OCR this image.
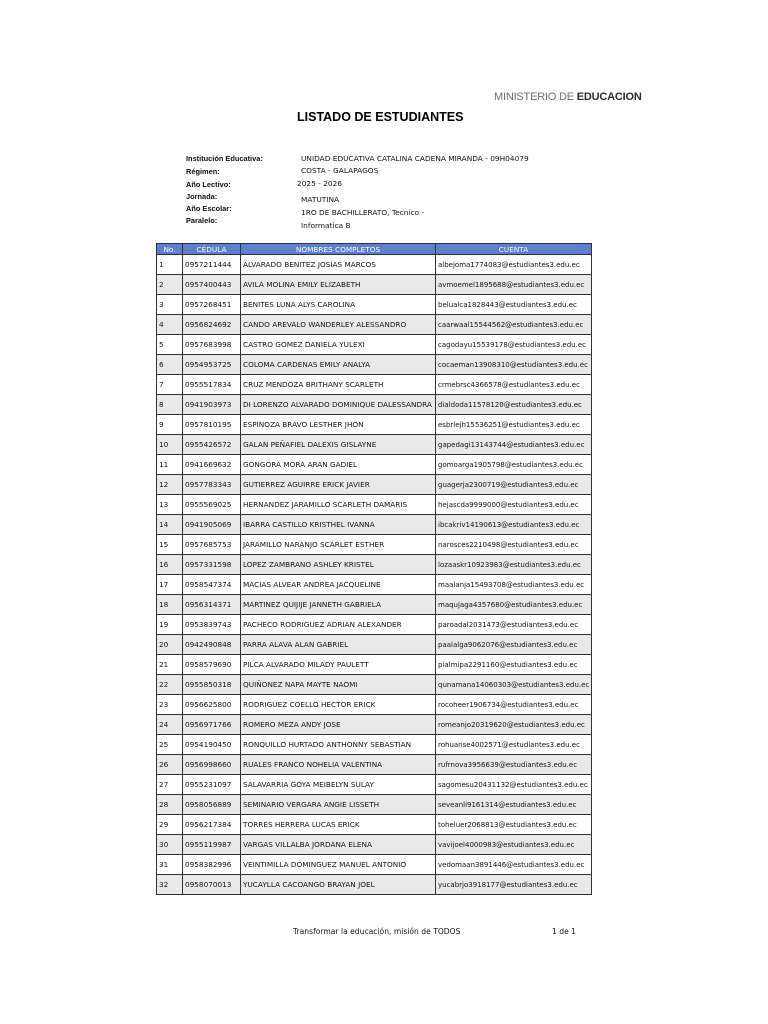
MINISTERIO DE EDUCACION
LISTADO DE ESTUDIANTES
Institución Educativa:	UNIDAD EDUCATIVA CATALINA CADENA MIRANDA - 09H04079
Régimen:	COSTA - GALAPAGOS
Año Lectivo:	2025 - 2026
Jornada:	MATUTINA
Año Escolar:	1RO DE BACHILLERATO, Tecnico -
Paralelo:
Informatica B
No.	CÉDULA	NOMBRES COMPLETOS	CUENTA
1	0957211444	ALVARADO BENITEZ JOSIAS MARCOS	albejoma1774083@estudiantes3.edu.ec
2	0957400443	AVILA MOLINA EMILY ELIZABETH	avmoemel1895688@estudiantes3.edu.ec
3	0957268451	BENITES LUNA ALYS CAROLINA	belualca1828443@estudiantes3.edu.ec
4	0956824692	CANDO AREVALO WANDERLEY ALESSANDRO	caarwaal15544562@estudiantes3.edu.ec
5	0957683998	CASTRO GOMEZ DANIELA YULEXI	cagodayu15539178@estudiantes3.edu.ec
6	0954953725	COLOMA CARDENAS EMILY ANALYA	cocaeman13908310@estudiantes3.edu.ec
7	0955517834	CRUZ MENDOZA BRITHANY SCARLETH	crmebrsc4366578@estudiantes3.edu.ec
8	0941903973	DI LORENZO ALVARADO DOMINIQUE DALESSANDRA	dialdoda11578120@estudiantes3.edu.ec
9	0957810195	ESPINOZA BRAVO LESTHER JHON	esbrlejh15536251@estudiantes3.edu.ec
10	0955426572	GALAN PEÑAFIEL DALEXIS GISLAYNE	gapedagi13143744@estudiantes3.edu.ec
11	0941669632	GONGORA MORA ARAN GADIEL	gomoarga1905798@estudiantes3.edu.ec
12	0957783343	GUTIERREZ AGUIRRE ERICK JAVIER	guagerja2300719@estudiantes3.edu.ec
13	0955569025	HERNANDEZ JARAMILLO SCARLETH DAMARIS	hejascda9999000@estudiantes3.edu.ec
14	0941905069	IBARRA CASTILLO KRISTHEL IVANNA	ibcakriv14190613@estudiantes3.edu.ec
15	0957685753	JARAMILLO NARANJO SCARLET ESTHER	narosces2210498@estudiantes3.edu.ec
16	0957331598	LOPEZ ZAMBRANO ASHLEY KRISTEL	lozaaskr10923983@estudiantes3.edu.ec
17	0958547374	MACIAS ALVEAR ANDREA JACQUELINE	maalanja15493708@estudiantes3.edu.ec
18	0956314371	MARTINEZ QUIJIJE JANNETH GABRIELA	maqujaga4357680@estudiantes3.edu.ec
19	0953839743	PACHECO RODRIGUEZ ADRIAN ALEXANDER	paroadal2031473@estudiantes3.edu.ec
20	0942490848	PARRA ALAVA ALAN GABRIEL	paalalga9062076@estudiantes3.edu.ec
21	0958579690	PILCA ALVARADO MILADY PAULETT	pialmipa2291160@estudiantes3.edu.ec
22	0955850318	QUIÑONEZ NAPA MAYTE NAOMI	qunamana14060303@estudiantes3.edu.ec
23	0956625800	RODRIGUEZ COELLO HECTOR ERICK	rocoheer1906734@estudiantes3.edu.ec
24	0956971766	ROMERO MEZA ANDY JOSE	romeanjo20319620@estudiantes3.edu.ec
25	0954190450	RONQUILLO HURTADO ANTHONNY SEBASTIAN	rohuanse4002571@estudiantes3.edu.ec
26	0956998660	RUALES FRANCO NOHELIA VALENTINA	rufrnova3956639@estudiantes3.edu.ec
27	0955231097	SALAVARRIA GOYA MEIBELYN SULAY	sagomesu20431132@estudiantes3.edu.ec
28	0958056889	SEMINARIO VERGARA ANGIE LISSETH	seveanli9161314@estudiantes3.edu.ec
29	0956217384	TORRES HERRERA LUCAS ERICK	toheluer2068813@estudiantes3.edu.ec
30	0955119987	VARGAS VILLALBA JORDANA ELENA	vavijoel4000983@estudiantes3.edu.ec
31	0958382996	VEINTIMILLA DOMINGUEZ MANUEL ANTONIO	vedomaan3891446@estudiantes3.edu.ec
32	0958070013	YUCAYLLA CACOANGO BRAYAN JOEL	yucabrjo3918177@estudiantes3.edu.ec
Transformar la educación, misión de TODOS	1 de 1
